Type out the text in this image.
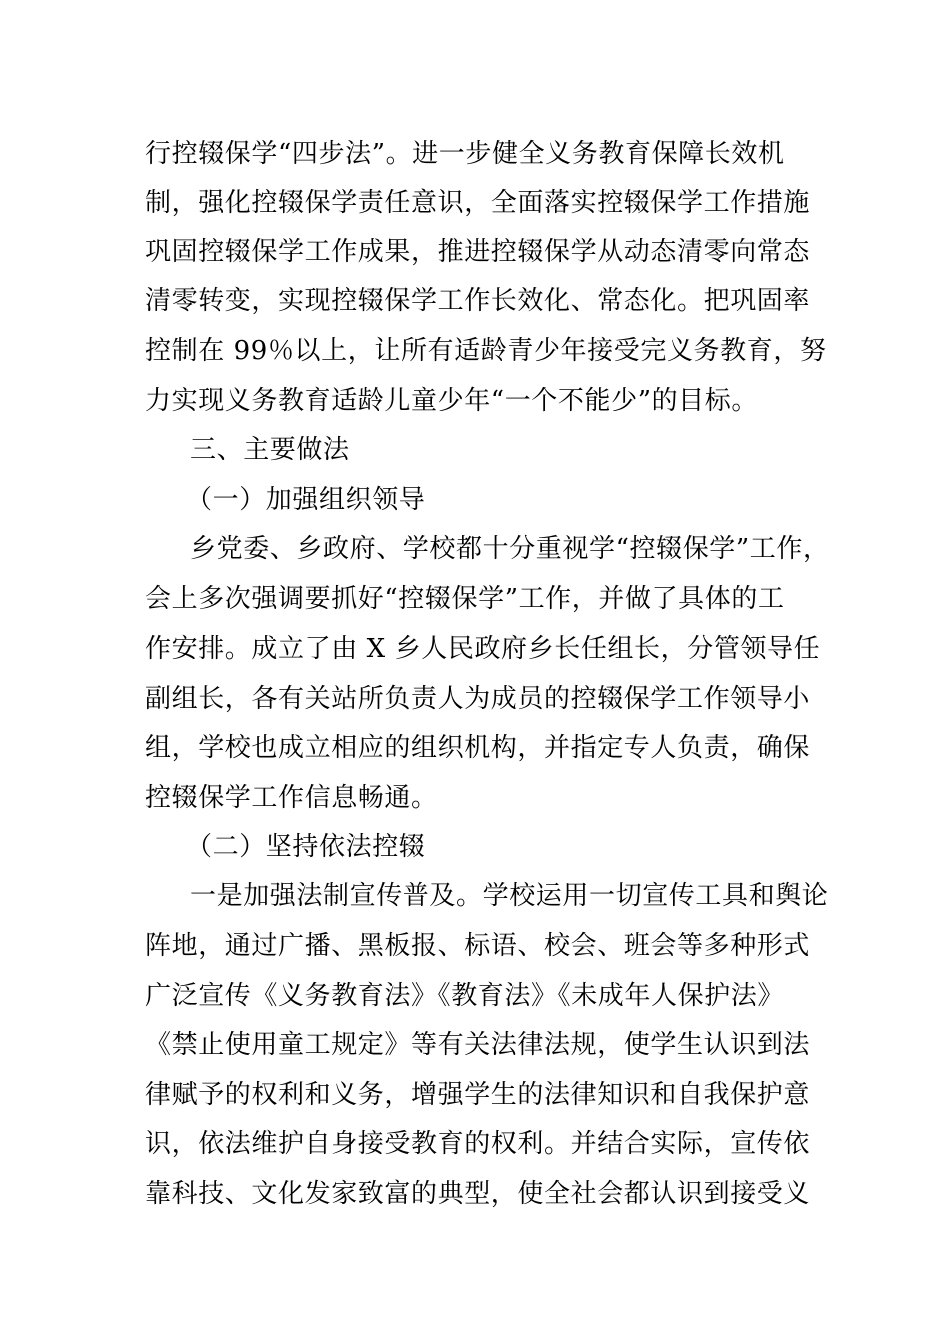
行控辍保学“四步法”。进一步健全义务教育保障长效机
制，强化控辍保学责任意识，全面落实控辍保学工作措施
巩固控辍保学工作成果，推进控辍保学从动态清零向常态
清零转变，实现控辍保学工作长效化、常态化。把巩固率
控制在 99％以上，让所有适龄青少年接受完义务教育，努
力实现义务教育适龄儿童少年“一个不能少”的目标。
三、主要做法
（一）加强组织领导
乡党委、乡政府、学校都十分重视学“控辍保学”工作，
会上多次强调要抓好“控辍保学”工作，并做了具体的工
作安排。成立了由 X 乡人民政府乡长任组长，分管领导任
副组长，各有关站所负责人为成员的控辍保学工作领导小
组，学校也成立相应的组织机构，并指定专人负责，确保
控辍保学工作信息畅通。
（二）坚持依法控辍
一是加强法制宣传普及。学校运用一切宣传工具和舆论
阵地，通过广播、黑板报、标语、校会、班会等多种形式
广泛宣传《义务教育法》《教育法》《未成年人保护法》
《禁止使用童工规定》等有关法律法规，使学生认识到法
律赋予的权利和义务，增强学生的法律知识和自我保护意
识，依法维护自身接受教育的权利。并结合实际，宣传依
靠科技、文化发家致富的典型，使全社会都认识到接受义
